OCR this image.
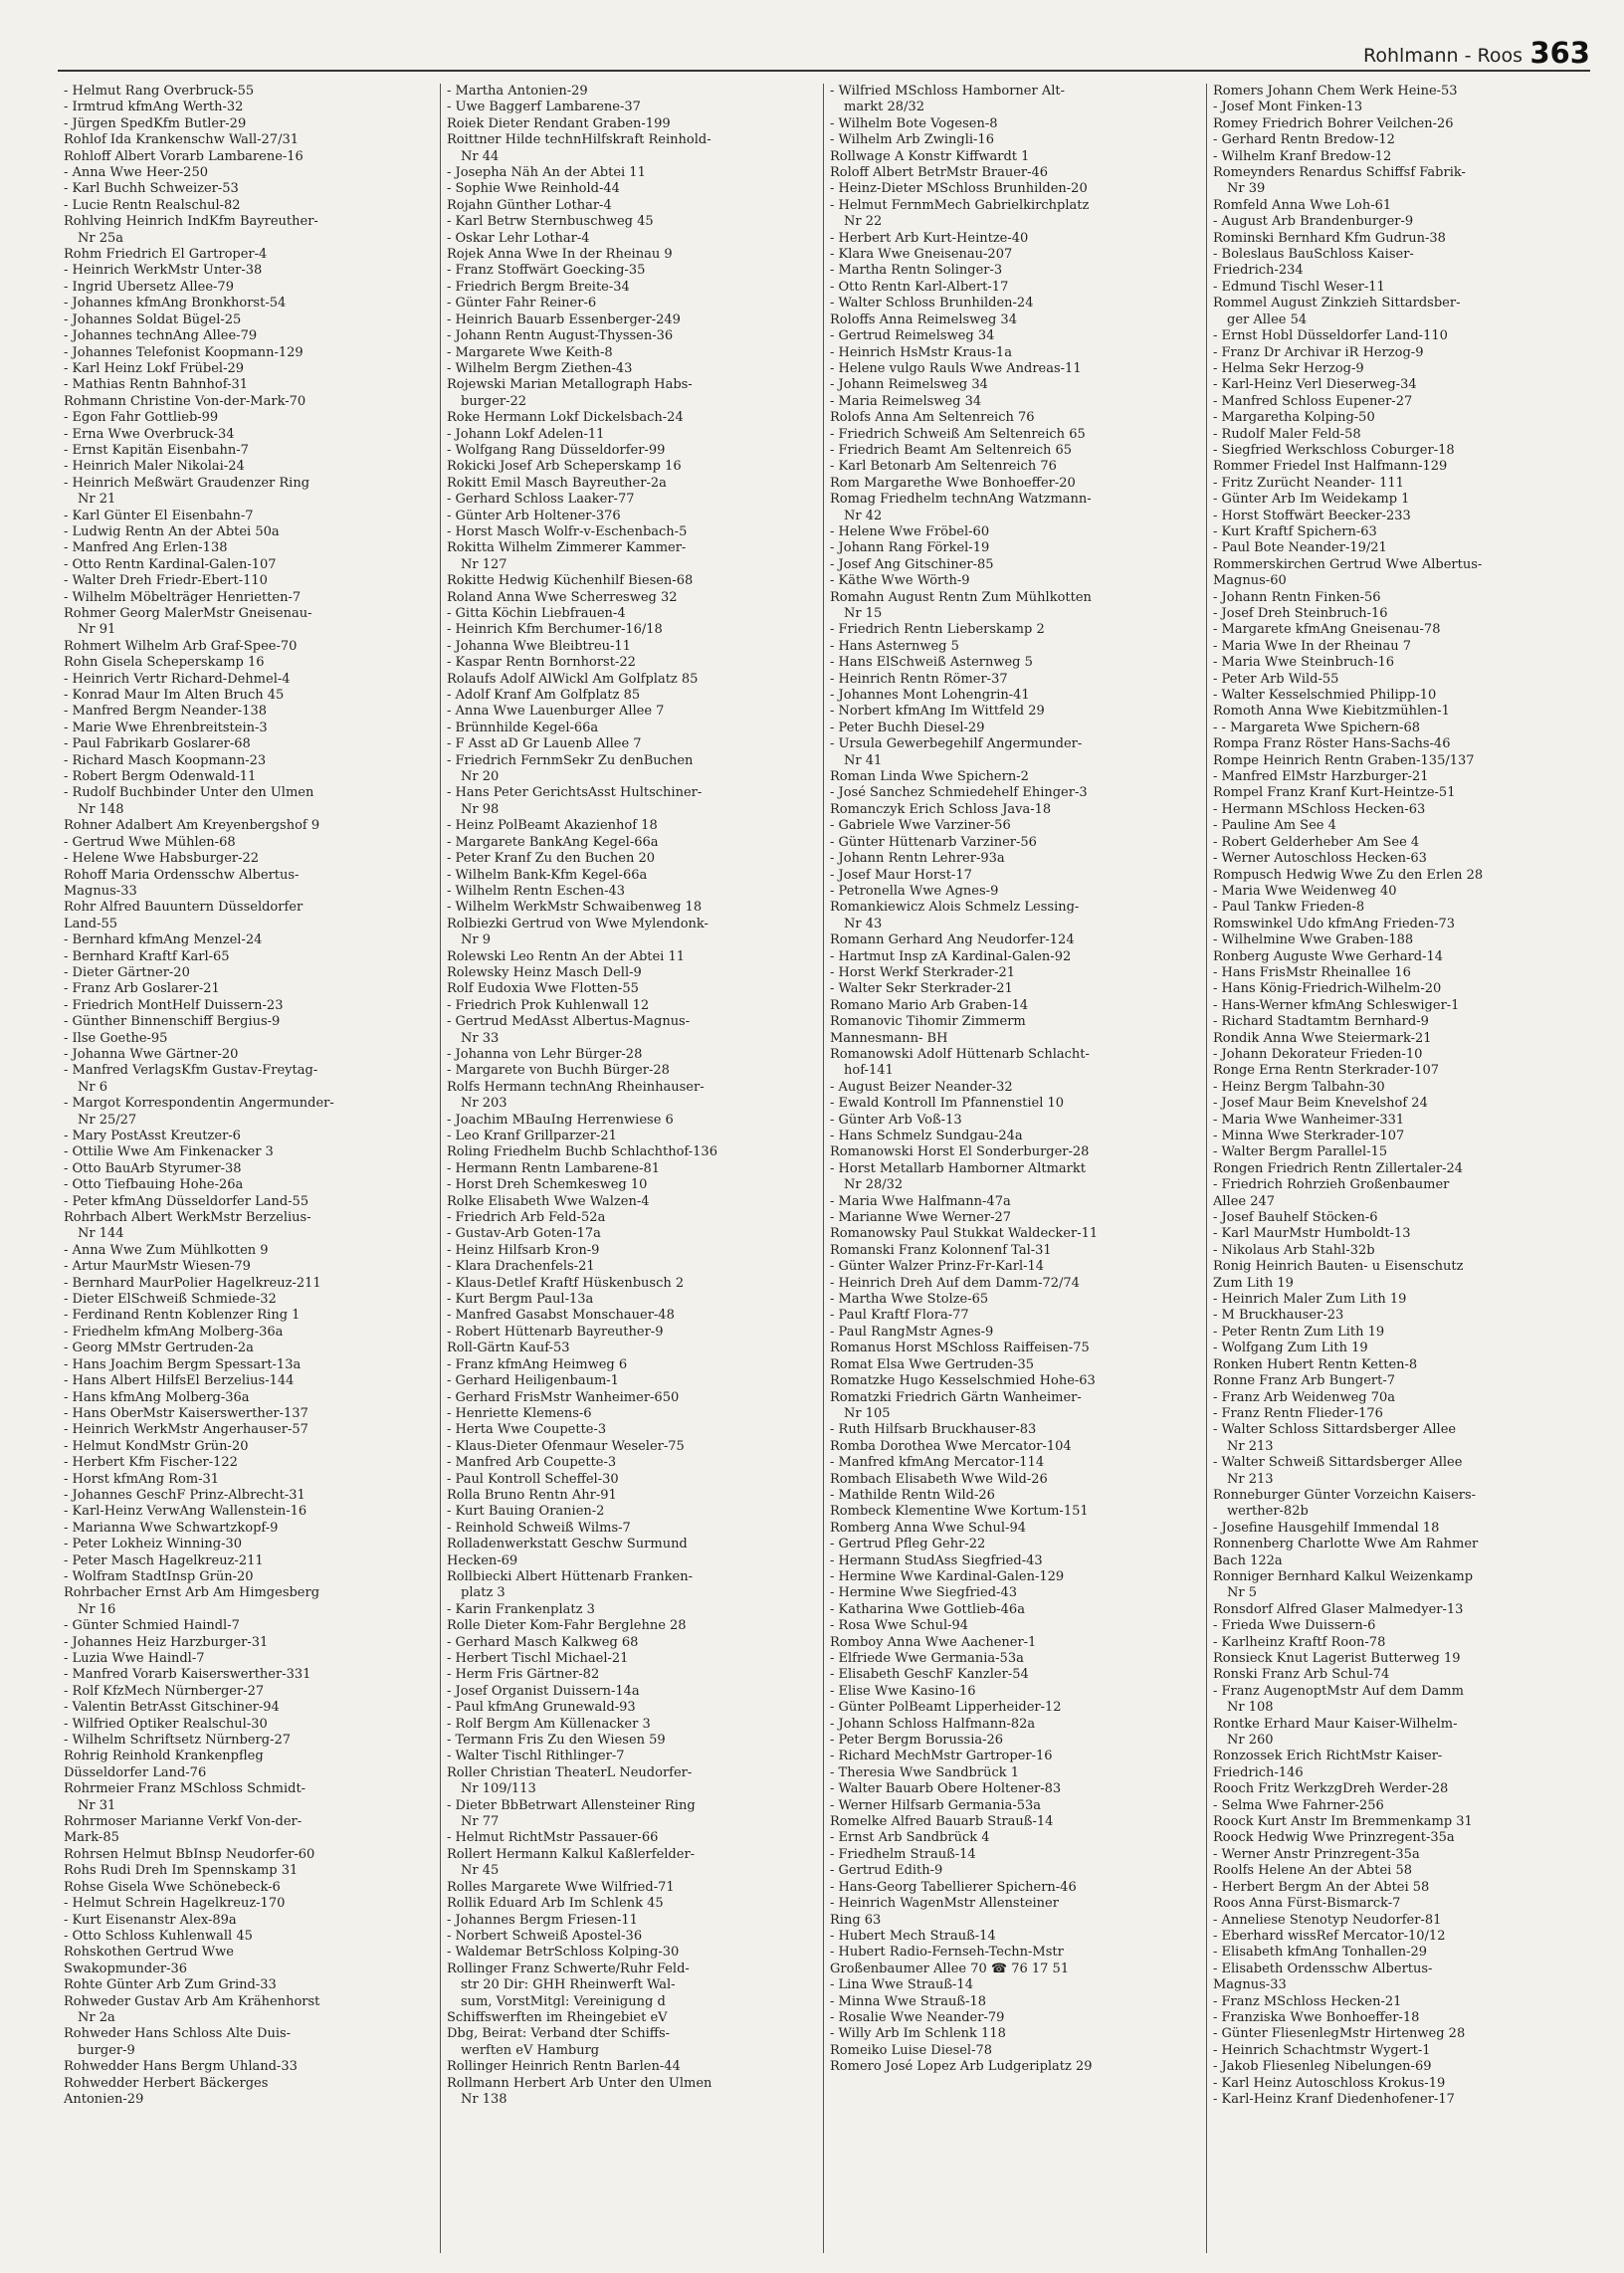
Rohlmann - Roos 363
- Helmut Rang Overbruck-55
- Irmtrud kfmAng Werth-32
- Jürgen SpedKfm Butler-29
Rohlof Ida Krankenschw Wall-27/31
Rohloff Albert Vorarb Lambarene-16
- Anna Wwe Heer-250
- Karl Buchh Schweizer-53
- Lucie Rentn Realschul-82
Rohlving Heinrich IndKfm Bayreuther-
Nr 25a
Rohm Friedrich El Gartroper-4
- Heinrich WerkMstr Unter-38
- Ingrid Übersetz Allee-79
- Johannes kfmAng Bronkhorst-54
- Johannes Soldat Bügel-25
- Johannes technAng Allee-79
- Johannes Telefonist Koopmann-129
- Karl Heinz Lokf Frübel-29
- Mathias Rentn Bahnhof-31
Rohmann Christine Von-der-Mark-70
- Egon Fahr Gottlieb-99
- Erna Wwe Overbruck-34
- Ernst Kapitän Eisenbahn-7
- Heinrich Maler Nikolai-24
- Heinrich Meßwärt Graudenzer Ring
Nr 21
- Karl Günter El Eisenbahn-7
- Ludwig Rentn An der Abtei 50a
- Manfred Ang Erlen-138
- Otto Rentn Kardinal-Galen-107
- Walter Dreh Friedr-Ebert-110
- Wilhelm Möbelträger Henrietten-7
Rohmer Georg MalerMstr Gneisenau-
Nr 91
Rohmert Wilhelm Arb Graf-Spee-70
Rohn Gisela Scheperskamp 16
- Heinrich Vertr Richard-Dehmel-4
- Konrad Maur Im Alten Bruch 45
- Manfred Bergm Neander-138
- Marie Wwe Ehrenbreitstein-3
- Paul Fabrikarb Goslarer-68
- Richard Masch Koopmann-23
- Robert Bergm Odenwald-11
- Rudolf Buchbinder Unter den Ulmen
Nr 148
Rohner Adalbert Am Kreyenbergshof 9
- Gertrud Wwe Mühlen-68
- Helene Wwe Habsburger-22
Rohoff Maria Ordensschw Albertus-
Magnus-33
Rohr Alfred Bauuntern Düsseldorfer
Land-55
- Bernhard kfmAng Menzel-24
- Bernhard Kraftf Karl-65
- Dieter Gärtner-20
- Franz Arb Goslarer-21
- Friedrich MontHelf Duissern-23
- Günther Binnenschiff Bergius-9
- Ilse Goethe-95
- Johanna Wwe Gärtner-20
- Manfred VerlagsKfm Gustav-Freytag-
Nr 6
- Margot Korrespondentin Angermunder-
Nr 25/27
- Mary PostAsst Kreutzer-6
- Ottilie Wwe Am Finkenacker 3
- Otto BauArb Styrumer-38
- Otto Tiefbauing Hohe-26a
- Peter kfmAng Düsseldorfer Land-55
Rohrbach Albert WerkMstr Berzelius-
Nr 144
- Anna Wwe Zum Mühlkotten 9
- Artur MaurMstr Wiesen-79
- Bernhard MaurPolier Hagelkreuz-211
- Dieter ElSchweiß Schmiede-32
- Ferdinand Rentn Koblenzer Ring 1
- Friedhelm kfmAng Molberg-36a
- Georg MMstr Gertruden-2a
- Hans Joachim Bergm Spessart-13a
- Hans Albert HilfsEl Berzelius-144
- Hans kfmAng Molberg-36a
- Hans OberMstr Kaiserswerther-137
- Heinrich WerkMstr Angerhauser-57
- Helmut KondMstr Grün-20
- Herbert Kfm Fischer-122
- Horst kfmAng Rom-31
- Johannes GeschF Prinz-Albrecht-31
- Karl-Heinz VerwAng Wallenstein-16
- Marianna Wwe Schwartzkopf-9
- Peter Lokheiz Winning-30
- Peter Masch Hagelkreuz-211
- Wolfram StadtInsp Grün-20
Rohrbacher Ernst Arb Am Himgesberg
Nr 16
- Günter Schmied Haindl-7
- Johannes Heiz Harzburger-31
- Luzia Wwe Haindl-7
- Manfred Vorarb Kaiserswerther-331
- Rolf KfzMech Nürnberger-27
- Valentin BetrAsst Gitschiner-94
- Wilfried Optiker Realschul-30
- Wilhelm Schriftsetz Nürnberg-27
Rohrig Reinhold Krankenpfleg
Düsseldorfer Land-76
Rohrmeier Franz MSchloss Schmidt-
Nr 31
Rohrmoser Marianne Verkf Von-der-
Mark-85
Rohrsen Helmut BbInsp Neudorfer-60
Rohs Rudi Dreh Im Spennskamp 31
Rohse Gisela Wwe Schönebeck-6
- Helmut Schrein Hagelkreuz-170
- Kurt Eisenanstr Alex-89a
- Otto Schloss Kuhlenwall 45
Rohskothen Gertrud Wwe
Swakopmunder-36
Rohte Günter Arb Zum Grind-33
Rohweder Gustav Arb Am Krähenhorst
Nr 2a
Rohweder Hans Schloss Alte Duis-
burger-9
Rohwedder Hans Bergm Uhland-33
Rohwedder Herbert Bäckerges
Antonien-29
- Martha Antonien-29
- Uwe Baggerf Lambarene-37
Roiek Dieter Rendant Graben-199
Roittner Hilde technHilfskraft Reinhold-
Nr 44
- Josepha Näh An der Abtei 11
- Sophie Wwe Reinhold-44
Rojahn Günther Lothar-4
- Karl Betrw Sternbuschweg 45
- Oskar Lehr Lothar-4
Rojek Anna Wwe In der Rheinau 9
- Franz Stoffwärt Goecking-35
- Friedrich Bergm Breite-34
- Günter Fahr Reiner-6
- Heinrich Bauarb Essenberger-249
- Johann Rentn August-Thyssen-36
- Margarete Wwe Keith-8
- Wilhelm Bergm Ziethen-43
Rojewski Marian Metallograph Habs-
burger-22
Roke Hermann Lokf Dickelsbach-24
- Johann Lokf Adelen-11
- Wolfgang Rang Düsseldorfer-99
Rokicki Josef Arb Scheperskamp 16
Rokitt Emil Masch Bayreuther-2a
- Gerhard Schloss Laaker-77
- Günter Arb Holtener-376
- Horst Masch Wolfr-v-Eschenbach-5
Rokitta Wilhelm Zimmerer Kammer-
Nr 127
Rokitte Hedwig Küchenhilf Biesen-68
Roland Anna Wwe Scherresweg 32
- Gitta Köchin Liebfrauen-4
- Heinrich Kfm Berchumer-16/18
- Johanna Wwe Bleibtreu-11
- Kaspar Rentn Bornhorst-22
Rolaufs Adolf AlWickl Am Golfplatz 85
- Adolf Kranf Am Golfplatz 85
- Anna Wwe Lauenburger Allee 7
- Brünnhilde Kegel-66a
- F Asst aD Gr Lauenb Allee 7
- Friedrich FernmSekr Zu denBuchen
Nr 20
- Hans Peter GerichtsAsst Hultschiner-
Nr 98
- Heinz PolBeamt Akazienhof 18
- Margarete BankAng Kegel-66a
- Peter Kranf Zu den Buchen 20
- Wilhelm Bank-Kfm Kegel-66a
- Wilhelm Rentn Eschen-43
- Wilhelm WerkMstr Schwaibenweg 18
Rolbiezki Gertrud von Wwe Mylendonk-
Nr 9
Rolewski Leo Rentn An der Abtei 11
Rolewsky Heinz Masch Dell-9
Rolf Eudoxia Wwe Flotten-55
- Friedrich Prok Kuhlenwall 12
- Gertrud MedAsst Albertus-Magnus-
Nr 33
- Johanna von Lehr Bürger-28
- Margarete von Buchh Bürger-28
Rolfs Hermann technAng Rheinhauser-
Nr 203
- Joachim MBauIng Herrenwiese 6
- Leo Kranf Grillparzer-21
Roling Friedhelm Buchb Schlachthof-136
- Hermann Rentn Lambarene-81
- Horst Dreh Schemkesweg 10
Rolke Elisabeth Wwe Walzen-4
- Friedrich Arb Feld-52a
- Gustav-Arb Goten-17a
- Heinz Hilfsarb Kron-9
- Klara Drachenfels-21
- Klaus-Detlef Kraftf Hüskenbusch 2
- Kurt Bergm Paul-13a
- Manfred Gasabst Monschauer-48
- Robert Hüttenarb Bayreuther-9
Roll-Gärtn Kauf-53
- Franz kfmAng Heimweg 6
- Gerhard Heiligenbaum-1
- Gerhard FrisMstr Wanheimer-650
- Henriette Klemens-6
- Herta Wwe Coupette-3
- Klaus-Dieter Ofenmaur Weseler-75
- Manfred Arb Coupette-3
- Paul Kontroll Scheffel-30
Rolla Bruno Rentn Ahr-91
- Kurt Bauing Oranien-2
- Reinhold Schweiß Wilms-7
Rolladenwerkstatt Geschw Surmund
Hecken-69
Rollbiecki Albert Hüttenarb Franken-
platz 3
- Karin Frankenplatz 3
Rolle Dieter Kom-Fahr Berglehne 28
- Gerhard Masch Kalkweg 68
- Herbert Tischl Michael-21
- Herm Fris Gärtner-82
- Josef Organist Duissern-14a
- Paul kfmAng Grunewald-93
- Rolf Bergm Am Küllenacker 3
- Termann Fris Zu den Wiesen 59
- Walter Tischl Rithlinger-7
Roller Christian TheaterL Neudorfer-
Nr 109/113
- Dieter BbBetrwart Allensteiner Ring
Nr 77
- Helmut RichtMstr Passauer-66
Rollert Hermann Kalkul Kaßlerfelder-
Nr 45
Rolles Margarete Wwe Wilfried-71
Rollik Eduard Arb Im Schlenk 45
- Johannes Bergm Friesen-11
- Norbert Schweiß Apostel-36
- Waldemar BetrSchloss Kolping-30
Rollinger Franz Schwerte/Ruhr Feld-
str 20 Dir: GHH Rheinwerft Wal-
sum, VorstMitgl: Vereinigung d
Schiffswerften im Rheingebiet eV
Dbg, Beirat: Verband dter Schiffs-
werften eV Hamburg
Rollinger Heinrich Rentn Barlen-44
Rollmann Herbert Arb Unter den Ulmen
Nr 138
- Wilfried MSchloss Hamborner Alt-
markt 28/32
- Wilhelm Bote Vogesen-8
- Wilhelm Arb Zwingli-16
Rollwage A Konstr Kiffwardt 1
Roloff Albert BetrMstr Brauer-46
- Heinz-Dieter MSchloss Brunhilden-20
- Helmut FernmMech Gabrielkirchplatz
Nr 22
- Herbert Arb Kurt-Heintze-40
- Klara Wwe Gneisenau-207
- Martha Rentn Solinger-3
- Otto Rentn Karl-Albert-17
- Walter Schloss Brunhilden-24
Roloffs Anna Reimelsweg 34
- Gertrud Reimelsweg 34
- Heinrich HsMstr Kraus-1a
- Helene vulgo Rauls Wwe Andreas-11
- Johann Reimelsweg 34
- Maria Reimelsweg 34
Rolofs Anna Am Seltenreich 76
- Friedrich Schweiß Am Seltenreich 65
- Friedrich Beamt Am Seltenreich 65
- Karl Betonarb Am Seltenreich 76
Rom Margarethe Wwe Bonhoeffer-20
Romag Friedhelm technAng Watzmann-
Nr 42
- Helene Wwe Fröbel-60
- Johann Rang Förkel-19
- Josef Ang Gitschiner-85
- Käthe Wwe Wörth-9
Romahn August Rentn Zum Mühlkotten
Nr 15
- Friedrich Rentn Lieberskamp 2
- Hans Asternweg 5
- Hans ElSchweiß Asternweg 5
- Heinrich Rentn Römer-37
- Johannes Mont Lohengrin-41
- Norbert kfmAng Im Wittfeld 29
- Peter Buchh Diesel-29
- Ursula Gewerbegehilf Angermunder-
Nr 41
Roman Linda Wwe Spichern-2
- José Sanchez Schmiedehelf Ehinger-3
Romanczyk Erich Schloss Java-18
- Gabriele Wwe Varziner-56
- Günter Hüttenarb Varziner-56
- Johann Rentn Lehrer-93a
- Josef Maur Horst-17
- Petronella Wwe Agnes-9
Romankiewicz Alois Schmelz Lessing-
Nr 43
Romann Gerhard Ang Neudorfer-124
- Hartmut Insp zA Kardinal-Galen-92
- Horst Werkf Sterkrader-21
- Walter Sekr Sterkrader-21
Romano Mario Arb Graben-14
Romanovic Tihomir Zimmerm
Mannesmann- BH
Romanowski Adolf Hüttenarb Schlacht-
hof-141
- August Beizer Neander-32
- Ewald Kontroll Im Pfannenstiel 10
- Günter Arb Voß-13
- Hans Schmelz Sundgau-24a
Romanowski Horst El Sonderburger-28
- Horst Metallarb Hamborner Altmarkt
Nr 28/32
- Maria Wwe Halfmann-47a
- Marianne Wwe Werner-27
Romanowsky Paul Stukkat Waldecker-11
Romanski Franz Kolonnenf Tal-31
- Günter Walzer Prinz-Fr-Karl-14
- Heinrich Dreh Auf dem Damm-72/74
- Martha Wwe Stolze-65
- Paul Kraftf Flora-77
- Paul RangMstr Agnes-9
Romanus Horst MSchloss Raiffeisen-75
Romat Elsa Wwe Gertruden-35
Romatzke Hugo Kesselschmied Hohe-63
Romatzki Friedrich Gärtn Wanheimer-
Nr 105
- Ruth Hilfsarb Bruckhauser-83
Romba Dorothea Wwe Mercator-104
- Manfred kfmAng Mercator-114
Rombach Elisabeth Wwe Wild-26
- Mathilde Rentn Wild-26
Rombeck Klementine Wwe Kortum-151
Romberg Anna Wwe Schul-94
- Gertrud Pfleg Gehr-22
- Hermann StudAss Siegfried-43
- Hermine Wwe Kardinal-Galen-129
- Hermine Wwe Siegfried-43
- Katharina Wwe Gottlieb-46a
- Rosa Wwe Schul-94
Romboy Anna Wwe Aachener-1
- Elfriede Wwe Germania-53a
- Elisabeth GeschF Kanzler-54
- Elise Wwe Kasino-16
- Günter PolBeamt Lipperheider-12
- Johann Schloss Halfmann-82a
- Peter Bergm Borussia-26
- Richard MechMstr Gartroper-16
- Theresia Wwe Sandbrück 1
- Walter Bauarb Obere Holtener-83
- Werner Hilfsarb Germania-53a
Romelke Alfred Bauarb Strauß-14
- Ernst Arb Sandbrück 4
- Friedhelm Strauß-14
- Gertrud Edith-9
- Hans-Georg Tabellierer Spichern-46
- Heinrich WagenMstr Allensteiner
Ring 63
- Hubert Mech Strauß-14
- Hubert Radio-Fernseh-Techn-Mstr
Großenbaumer Allee 70 ☎ 76 17 51
- Lina Wwe Strauß-14
- Minna Wwe Strauß-18
- Rosalie Wwe Neander-79
- Willy Arb Im Schlenk 118
Romeiko Luise Diesel-78
Romero José Lopez Arb Ludgeriplatz 29
Romers Johann Chem Werk Heine-53
- Josef Mont Finken-13
Romey Friedrich Bohrer Veilchen-26
- Gerhard Rentn Bredow-12
- Wilhelm Kranf Bredow-12
Romeynders Renardus Schiffsf Fabrik-
Nr 39
Romfeld Anna Wwe Loh-61
- August Arb Brandenburger-9
Rominski Bernhard Kfm Gudrun-38
- Boleslaus BauSchloss Kaiser-
Friedrich-234
- Edmund Tischl Weser-11
Rommel August Zinkzieh Sittardsber-
ger Allee 54
- Ernst Hobl Düsseldorfer Land-110
- Franz Dr Archivar iR Herzog-9
- Helma Sekr Herzog-9
- Karl-Heinz Verl Dieserweg-34
- Manfred Schloss Eupener-27
- Margaretha Kolping-50
- Rudolf Maler Feld-58
- Siegfried Werkschloss Coburger-18
Rommer Friedel Inst Halfmann-129
- Fritz Zurücht Neander- 111
- Günter Arb Im Weidekamp 1
- Horst Stoffwärt Beecker-233
- Kurt Kraftf Spichern-63
- Paul Bote Neander-19/21
Rommerskirchen Gertrud Wwe Albertus-
Magnus-60
- Johann Rentn Finken-56
- Josef Dreh Steinbruch-16
- Margarete kfmAng Gneisenau-78
- Maria Wwe In der Rheinau 7
- Maria Wwe Steinbruch-16
- Peter Arb Wild-55
- Walter Kesselschmied Philipp-10
Romoth Anna Wwe Kiebitzmühlen-1
- - Margareta Wwe Spichern-68
Rompa Franz Röster Hans-Sachs-46
Rompe Heinrich Rentn Graben-135/137
- Manfred ElMstr Harzburger-21
Rompel Franz Kranf Kurt-Heintze-51
- Hermann MSchloss Hecken-63
- Pauline Am See 4
- Robert Gelderheber Am See 4
- Werner Autoschloss Hecken-63
Rompusch Hedwig Wwe Zu den Erlen 28
- Maria Wwe Weidenweg 40
- Paul Tankw Frieden-8
Romswinkel Udo kfmAng Frieden-73
- Wilhelmine Wwe Graben-188
Ronberg Auguste Wwe Gerhard-14
- Hans FrisMstr Rheinallee 16
- Hans König-Friedrich-Wilhelm-20
- Hans-Werner kfmAng Schleswiger-1
- Richard Stadtamtm Bernhard-9
Rondik Anna Wwe Steiermark-21
- Johann Dekorateur Frieden-10
Ronge Erna Rentn Sterkrader-107
- Heinz Bergm Talbahn-30
- Josef Maur Beim Knevelshof 24
- Maria Wwe Wanheimer-331
- Minna Wwe Sterkrader-107
- Walter Bergm Parallel-15
Rongen Friedrich Rentn Zillertaler-24
- Friedrich Rohrzieh Großenbaumer
Allee 247
- Josef Bauhelf Stöcken-6
- Karl MaurMstr Humboldt-13
- Nikolaus Arb Stahl-32b
Ronig Heinrich Bauten- u Eisenschutz
Zum Lith 19
- Heinrich Maler Zum Lith 19
- M Bruckhauser-23
- Peter Rentn Zum Lith 19
- Wolfgang Zum Lith 19
Ronken Hubert Rentn Ketten-8
Ronne Franz Arb Bungert-7
- Franz Arb Weidenweg 70a
- Franz Rentn Flieder-176
- Walter Schloss Sittardsberger Allee
Nr 213
- Walter Schweiß Sittardsberger Allee
Nr 213
Ronneburger Günter Vorzeichn Kaisers-
werther-82b
- Josefine Hausgehilf Immendal 18
Ronnenberg Charlotte Wwe Am Rahmer
Bach 122a
Ronniger Bernhard Kalkul Weizenkamp
Nr 5
Ronsdorf Alfred Glaser Malmedyer-13
- Frieda Wwe Duissern-6
- Karlheinz Kraftf Roon-78
Ronsieck Knut Lagerist Butterweg 19
Ronski Franz Arb Schul-74
- Franz AugenoptMstr Auf dem Damm
Nr 108
Rontke Erhard Maur Kaiser-Wilhelm-
Nr 260
Ronzossek Erich RichtMstr Kaiser-
Friedrich-146
Rooch Fritz WerkzgDreh Werder-28
- Selma Wwe Fahrner-256
Roock Kurt Anstr Im Bremmenkamp 31
Roock Hedwig Wwe Prinzregent-35a
- Werner Anstr Prinzregent-35a
Roolfs Helene An der Abtei 58
- Herbert Bergm An der Abtei 58
Roos Anna Fürst-Bismarck-7
- Anneliese Stenotyp Neudorfer-81
- Eberhard wissRef Mercator-10/12
- Elisabeth kfmAng Tonhallen-29
- Elisabeth Ordensschw Albertus-
Magnus-33
- Franz MSchloss Hecken-21
- Franziska Wwe Bonhoeffer-18
- Günter FliesenlegMstr Hirtenweg 28
- Heinrich Schachtmstr Wygert-1
- Jakob Fliesenleg Nibelungen-69
- Karl Heinz Autoschloss Krokus-19
- Karl-Heinz Kranf Diedenhofener-17
